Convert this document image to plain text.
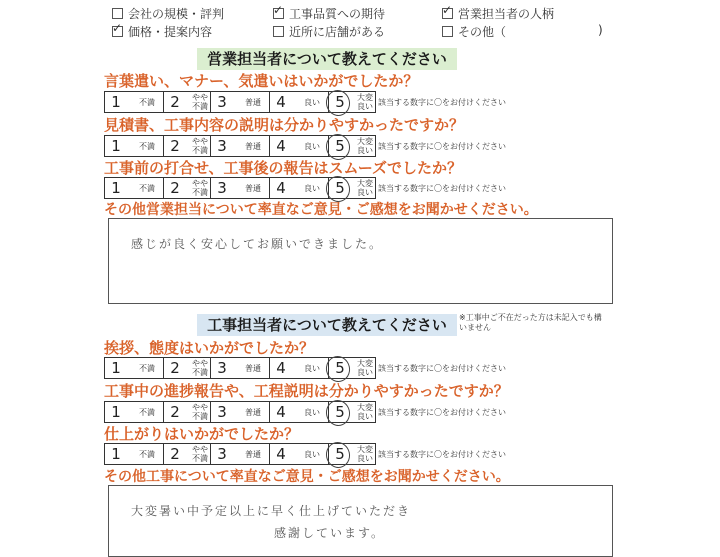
会社の規模・評判 ✓	工事品質への期待 ✓	営業担当者の人柄
✓価格・提案内容	近所に店舗がある	その他（	)
営業担当者について教えてください
言葉遣い、マナー、気遣いはいかがでしたか？
1	不満	2	やや不満 3	普通	4	良い	5	大変良い 該当する数字に〇をお付けください
見積書、工事内容の説明は分かりやすかったですか？
1	不満	2	やや不満 3	普通	4	良い	5	大変良い 該当する数字に〇をお付けください
工事前の打合せ、工事後の報告はスムーズでしたか？
1	不満	2	やや不満 3	普通	4	良い	5	大変良い 該当する数字に〇をお付けください
その他営業担当について率直なご意見・ご感想をお聞かせください。
感じが良く安心してお願いできました。
工事担当者について教えてください	※工事中ご不在だった方は未記入でも構いません
挨拶、態度はいかがでしたか？
1	不満	2	やや不満 3	普通	4	良い	5	大変良い 該当する数字に〇をお付けください
工事中の進捗報告や、工程説明は分かりやすかったですか？
1	不満	2	やや不満 3	普通	4	良い	5	大変良い 該当する数字に〇をお付けください
仕上がりはいかがでしたか？
1	不満	2	やや不満 3	普通	4	良い	5	大変良い 該当する数字に〇をお付けください
その他工事について率直なご意見・ご感想をお聞かせください。
大変暑い中予定以上に早く仕上げていただき
感謝しています。
